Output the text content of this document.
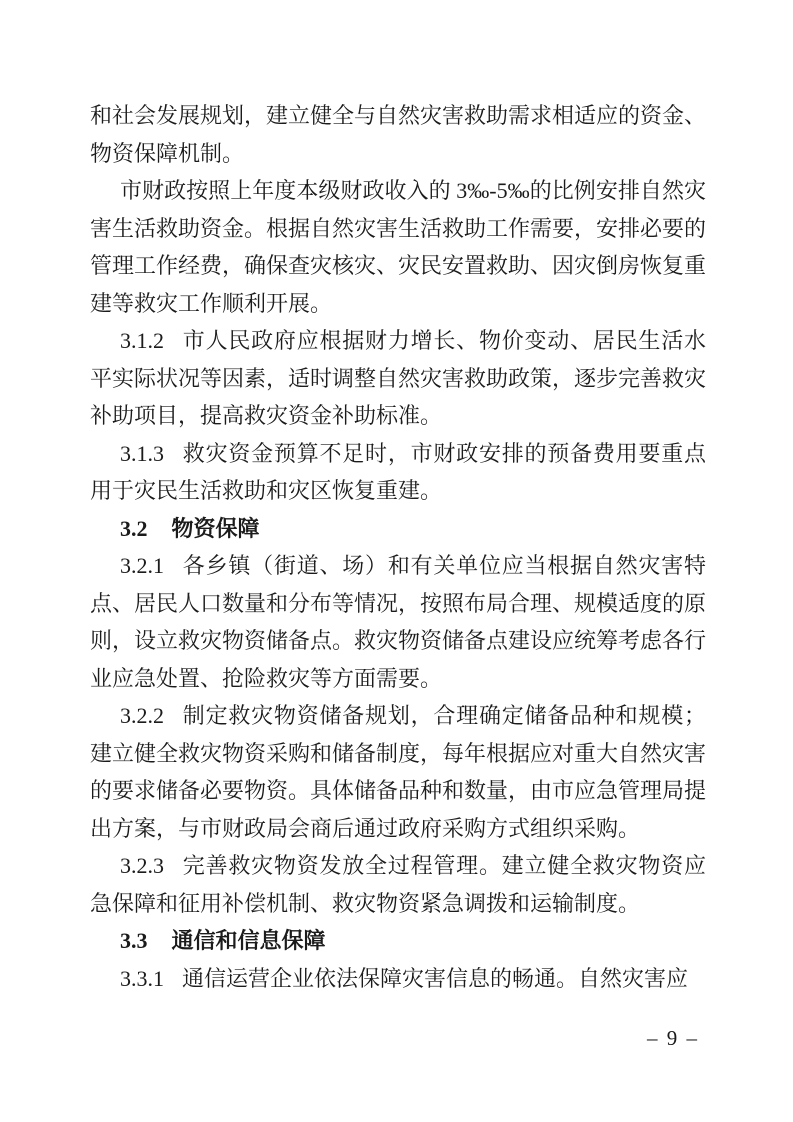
和社会发展规划，建立健全与自然灾害救助需求相适应的资金、物资保障机制。

市财政按照上年度本级财政收入的 3‰-5‰的比例安排自然灾害生活救助资金。根据自然灾害生活救助工作需要，安排必要的管理工作经费，确保查灾核灾、灾民安置救助、因灾倒房恢复重建等救灾工作顺利开展。

3.1.2 市人民政府应根据财力增长、物价变动、居民生活水平实际状况等因素，适时调整自然灾害救助政策，逐步完善救灾补助项目，提高救灾资金补助标准。

3.1.3 救灾资金预算不足时，市财政安排的预备费用要重点用于灾民生活救助和灾区恢复重建。

3.2 物资保障

3.2.1 各乡镇（街道、场）和有关单位应当根据自然灾害特点、居民人口数量和分布等情况，按照布局合理、规模适度的原则，设立救灾物资储备点。救灾物资储备点建设应统筹考虑各行业应急处置、抢险救灾等方面需要。

3.2.2 制定救灾物资储备规划，合理确定储备品种和规模；建立健全救灾物资采购和储备制度，每年根据应对重大自然灾害的要求储备必要物资。具体储备品种和数量，由市应急管理局提出方案，与市财政局会商后通过政府采购方式组织采购。

3.2.3 完善救灾物资发放全过程管理。建立健全救灾物资应急保障和征用补偿机制、救灾物资紧急调拨和运输制度。

3.3 通信和信息保障

3.3.1 通信运营企业依法保障灾害信息的畅通。自然灾害应

– 9 –
